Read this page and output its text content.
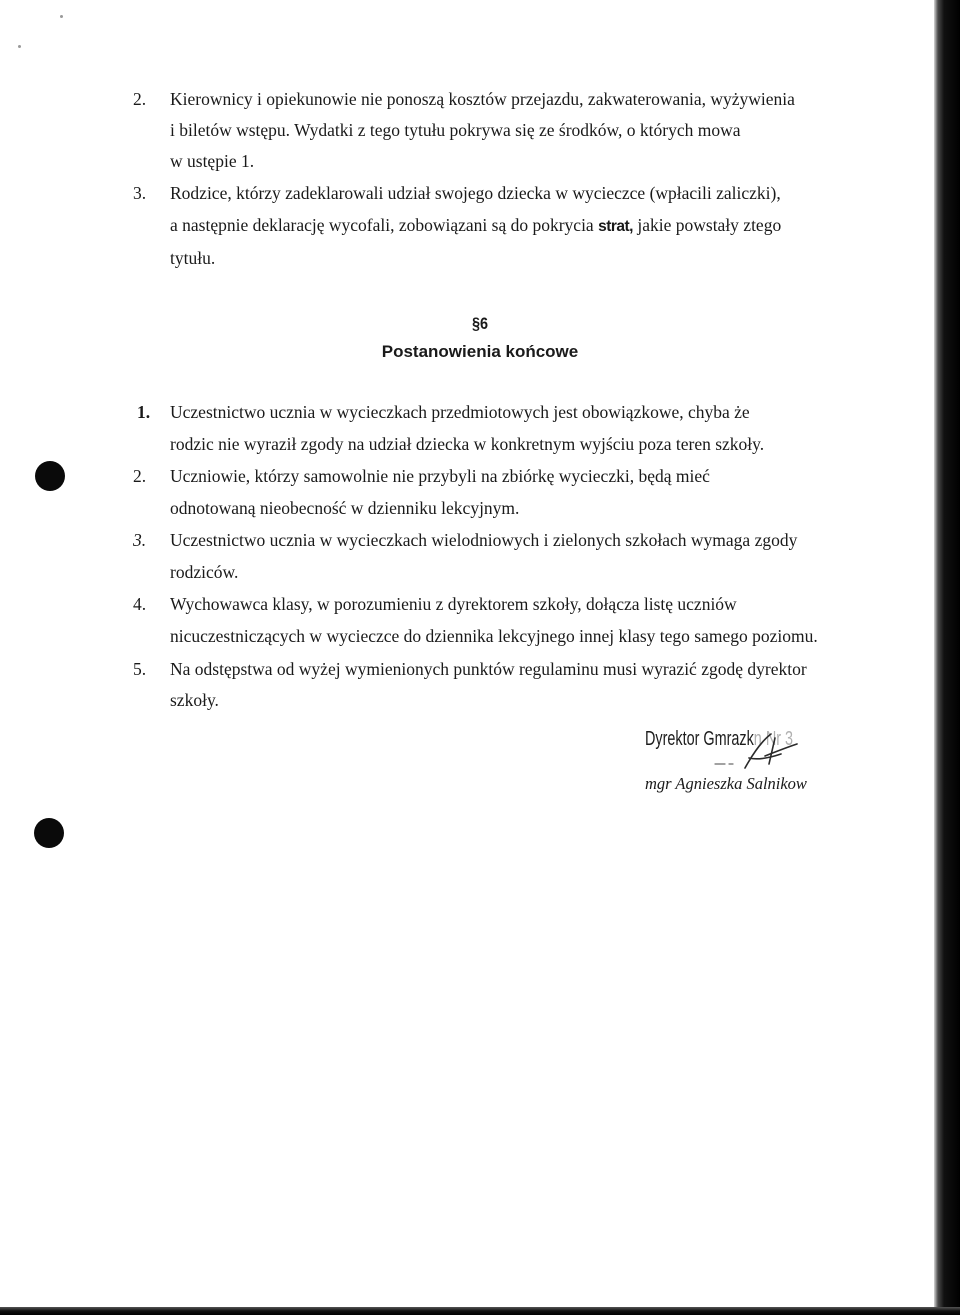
2. Kierownicy i opiekunowie nie ponoszą kosztów przejazdu, zakwaterowania, wyżywienia
i biletów wstępu. Wydatki z tego tytułu pokrywa się ze środków, o których mowa
w ustępie 1.
3. Rodzice, którzy zadeklarowali udział swojego dziecka w wycieczce (wpłacili zaliczki),
a następnie deklarację wycofali, zobowiązani są do pokrycia strat, jakie powstały ztego
tytułu.
§6
Postanowienia końcowe
1. Uczestnictwo ucznia w wycieczkach przedmiotowych jest obowiązkowe, chyba że
rodzic nie wyraził zgody na udział dziecka w konkretnym wyjściu poza teren szkoły.
2. Uczniowie, którzy samowolnie nie przybyli na zbiórkę wycieczki, będą mieć
odnotowaną nieobecność w dzienniku lekcyjnym.
3. Uczestnictwo ucznia w wycieczkach wielodniowych i zielonych szkołach wymaga zgody
rodziców.
4. Wychowawca klasy, w porozumieniu z dyrektorem szkoły, dołącza listę uczniów
nicuczestniczących w wycieczce do dziennika lekcyjnego innej klasy tego samego poziomu.
5. Na odstępstwa od wyżej wymienionych punktów regulaminu musi wyrazić zgodę dyrektor
szkoły.
Dyrektor Gmrazkn Nr 3
mgr Agnieszka Salnikow
